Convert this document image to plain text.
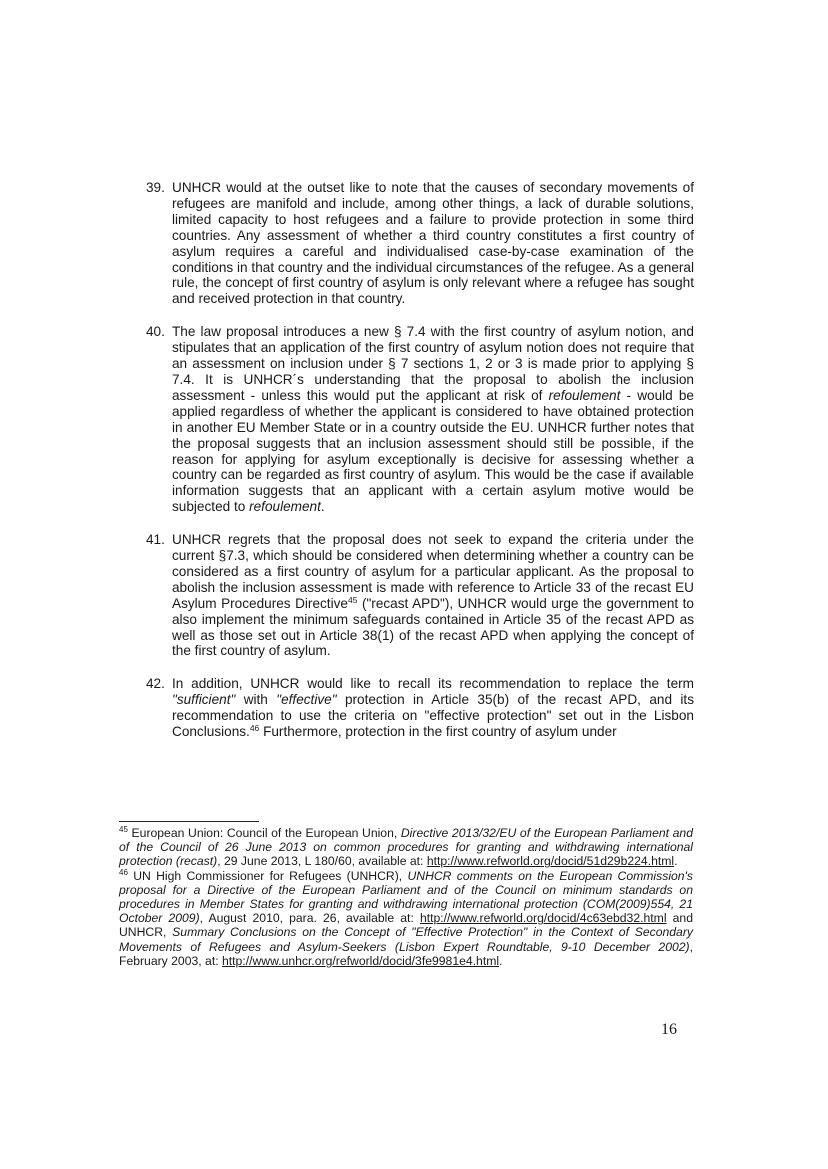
39. UNHCR would at the outset like to note that the causes of secondary movements of refugees are manifold and include, among other things, a lack of durable solutions, limited capacity to host refugees and a failure to provide protection in some third countries. Any assessment of whether a third country constitutes a first country of asylum requires a careful and individualised case-by-case examination of the conditions in that country and the individual circumstances of the refugee. As a general rule, the concept of first country of asylum is only relevant where a refugee has sought and received protection in that country.

40. The law proposal introduces a new § 7.4 with the first country of asylum notion, and stipulates that an application of the first country of asylum notion does not require that an assessment on inclusion under § 7 sections 1, 2 or 3 is made prior to applying § 7.4. It is UNHCR´s understanding that the proposal to abolish the inclusion assessment - unless this would put the applicant at risk of refoulement - would be applied regardless of whether the applicant is considered to have obtained protection in another EU Member State or in a country outside the EU. UNHCR further notes that the proposal suggests that an inclusion assessment should still be possible, if the reason for applying for asylum exceptionally is decisive for assessing whether a country can be regarded as first country of asylum. This would be the case if available information suggests that an applicant with a certain asylum motive would be subjected to refoulement.

41. UNHCR regrets that the proposal does not seek to expand the criteria under the current §7.3, which should be considered when determining whether a country can be considered as a first country of asylum for a particular applicant. As the proposal to abolish the inclusion assessment is made with reference to Article 33 of the recast EU Asylum Procedures Directive$^{45}$ ("recast APD"), UNHCR would urge the government to also implement the minimum safeguards contained in Article 35 of the recast APD as well as those set out in Article 38(1) of the recast APD when applying the concept of the first country of asylum.

42. In addition, UNHCR would like to recall its recommendation to replace the term "sufficient" with "effective" protection in Article 35(b) of the recast APD, and its recommendation to use the criteria on "effective protection" set out in the Lisbon Conclusions.$^{46}$ Furthermore, protection in the first country of asylum under

$^{45}$ European Union: Council of the European Union, Directive 2013/32/EU of the European Parliament and of the Council of 26 June 2013 on common procedures for granting and withdrawing international protection (recast), 29 June 2013, L 180/60, available at: http://www.refworld.org/docid/51d29b224.html.

$^{46}$ UN High Commissioner for Refugees (UNHCR), UNHCR comments on the European Commission's proposal for a Directive of the European Parliament and of the Council on minimum standards on procedures in Member States for granting and withdrawing international protection (COM(2009)554, 21 October 2009), August 2010, para. 26, available at: http://www.refworld.org/docid/4c63ebd32.html and UNHCR, Summary Conclusions on the Concept of "Effective Protection" in the Context of Secondary Movements of Refugees and Asylum-Seekers (Lisbon Expert Roundtable, 9-10 December 2002), February 2003, at: http://www.unhcr.org/refworld/docid/3fe9981e4.html.

16
